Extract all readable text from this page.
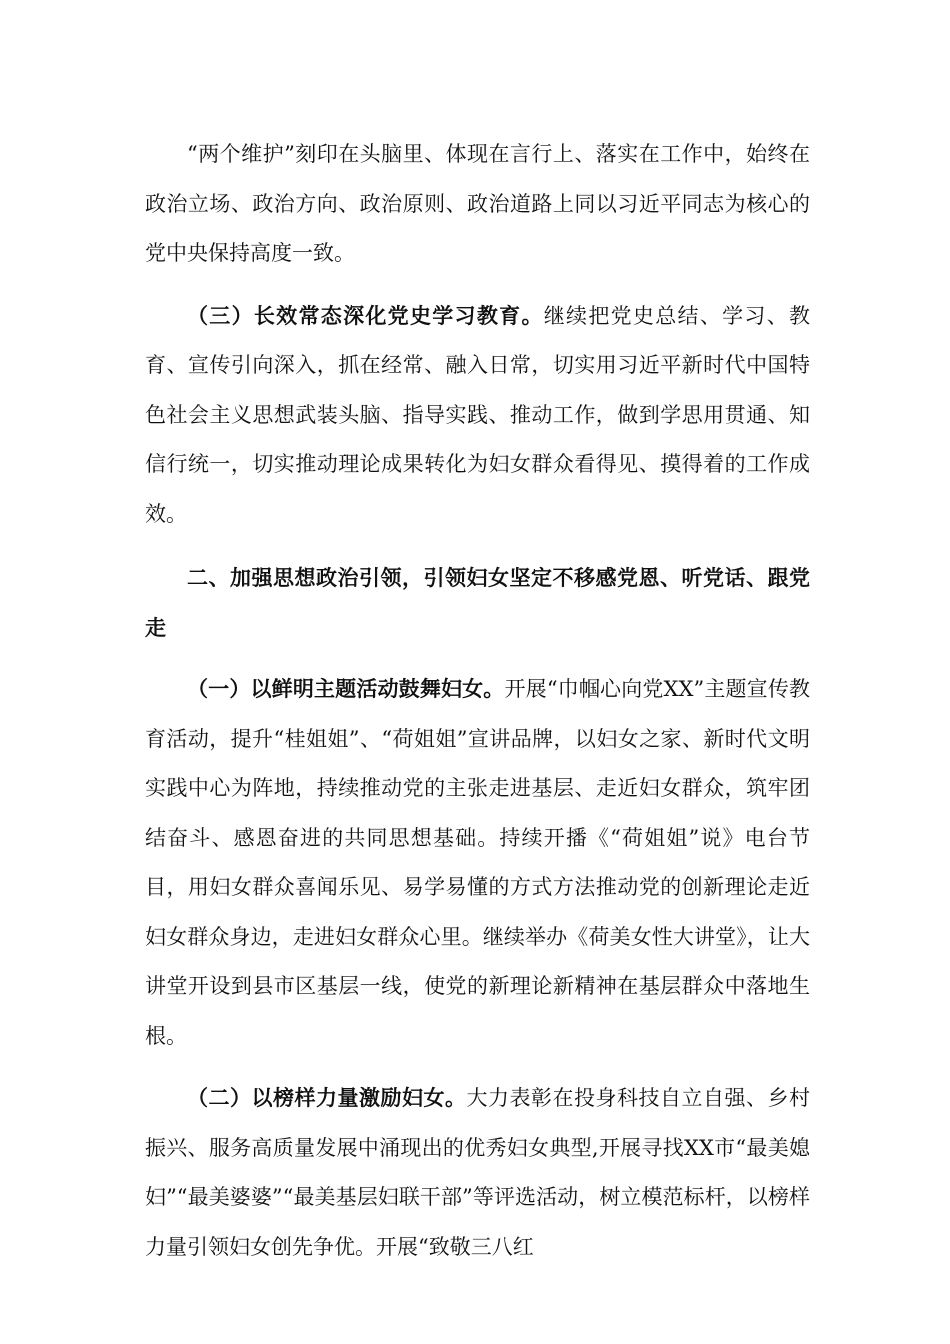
“两个维护”刻印在头脑里、体现在言行上、落实在工作中，始终在政治立场、政治方向、政治原则、政治道路上同以习近平同志为核心的党中央保持高度一致。

（三）长效常态深化党史学习教育。继续把党史总结、学习、教育、宣传引向深入，抓在经常、融入日常，切实用习近平新时代中国特色社会主义思想武装头脑、指导实践、推动工作，做到学思用贯通、知信行统一，切实推动理论成果转化为妇女群众看得见、摸得着的工作成效。

二、加强思想政治引领，引领妇女坚定不移感党恩、听党话、跟党走

（一）以鲜明主题活动鼓舞妇女。开展“巾帼心向党XX”主题宣传教育活动，提升“桂姐姐”、“荷姐姐”宣讲品牌，以妇女之家、新时代文明实践中心为阵地，持续推动党的主张走进基层、走近妇女群众，筑牢团结奋斗、感恩奋进的共同思想基础。持续开播《“荷姐姐”说》电台节目，用妇女群众喜闻乐见、易学易懂的方式方法推动党的创新理论走近妇女群众身边，走进妇女群众心里。继续举办《荷美女性大讲堂》，让大讲堂开设到县市区基层一线，使党的新理论新精神在基层群众中落地生根。

（二）以榜样力量激励妇女。大力表彰在投身科技自立自强、乡村振兴、服务高质量发展中涌现出的优秀妇女典型,开展寻找XX市“最美媳妇”“最美婆婆”“最美基层妇联干部”等评选活动，树立模范标杆，以榜样力量引领妇女创先争优。开展“致敬三八红
